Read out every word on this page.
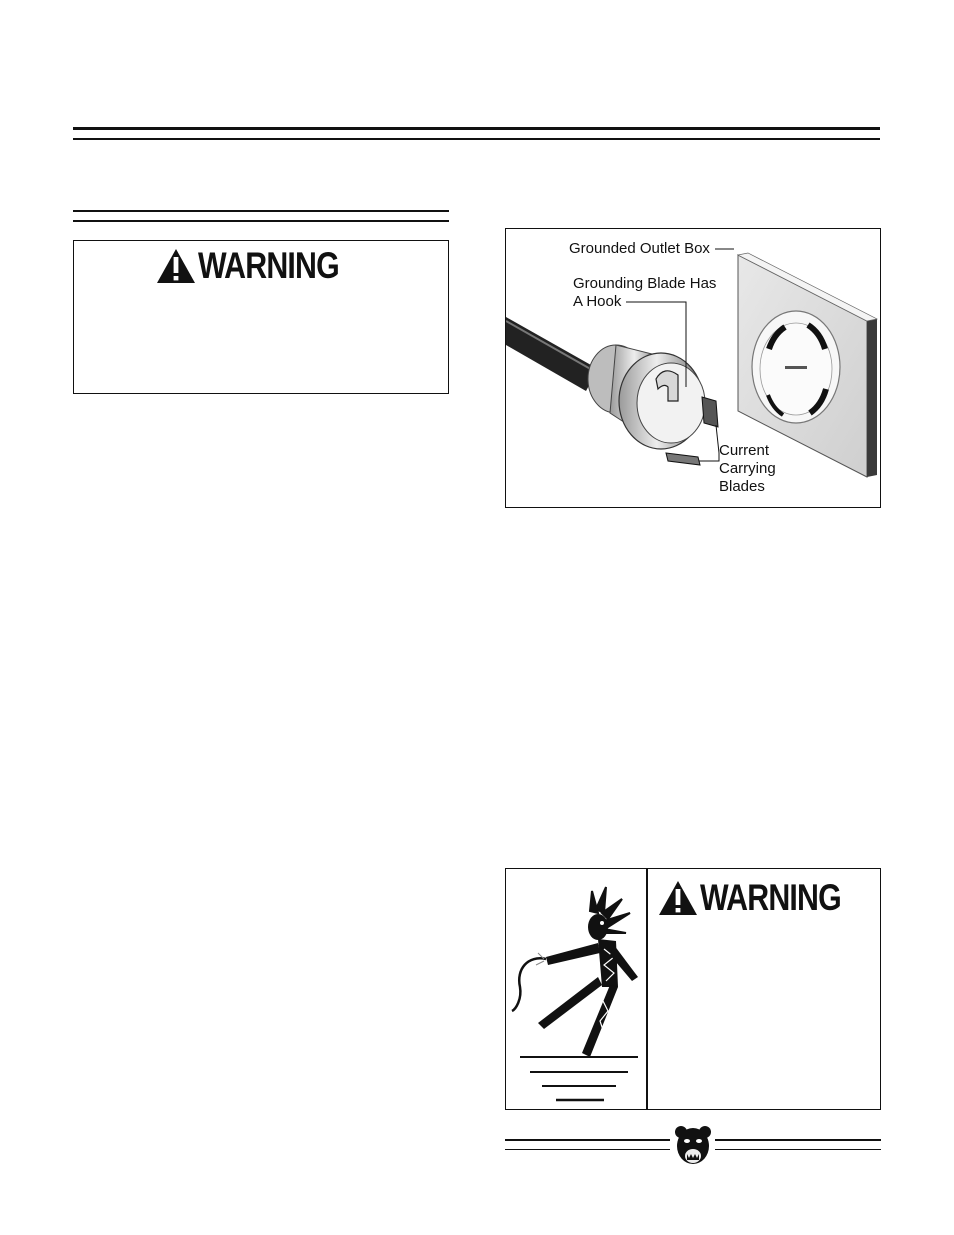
WARNING	Grounded Outlet Box
Grounding Blade Has
A Hook
Current
Carrying
Blades
WARNING
